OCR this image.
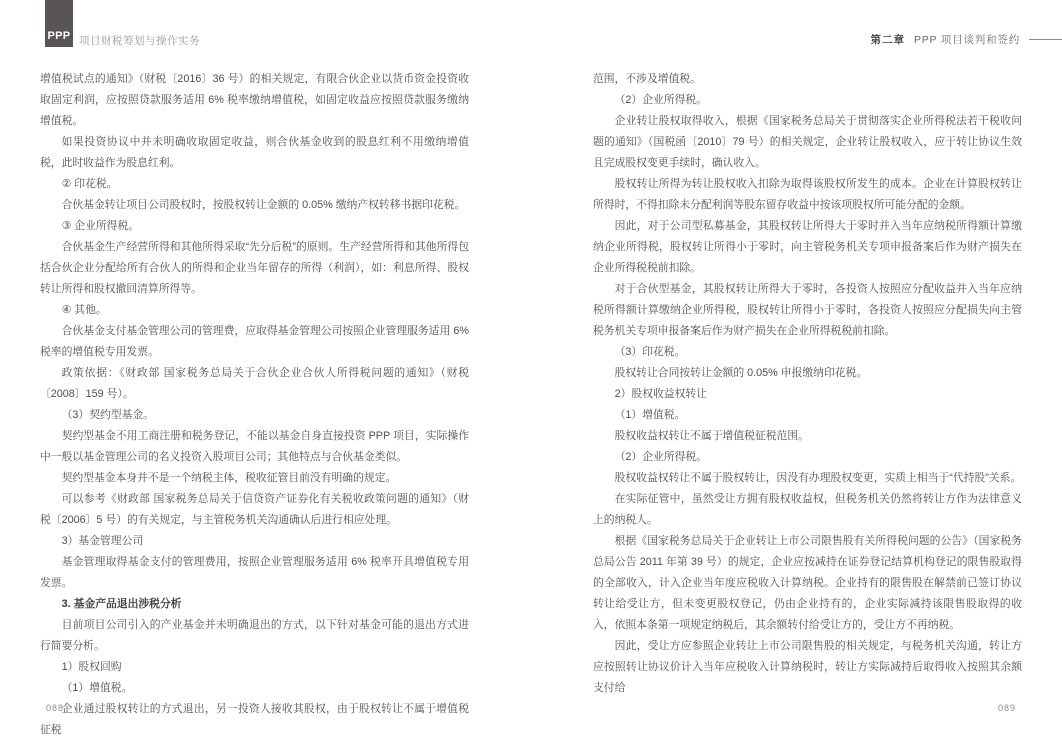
PPP 项目财税筹划与操作实务	第二章 PPP 项目谈判和签约

增值税试点的通知》（财税〔2016〕36 号）的相关规定，有限合伙企业以货币资金投资收取固定利润，应按照贷款服务适用 6% 税率缴纳增值税，如固定收益应按照贷款服务缴纳增值税。

如果投资协议中并未明确收取固定收益，则合伙基金收到的股息红利不用缴纳增值税，此时收益作为股息红利。

② 印花税。

合伙基金转让项目公司股权时，按股权转让金额的 0.05% 缴纳产权转移书据印花税。

③ 企业所得税。

合伙基金生产经营所得和其他所得采取“先分后税”的原则。生产经营所得和其他所得包括合伙企业分配给所有合伙人的所得和企业当年留存的所得（利润），如：利息所得、股权转让所得和股权撤回清算所得等。

④ 其他。

合伙基金支付基金管理公司的管理费，应取得基金管理公司按照企业管理服务适用 6% 税率的增值税专用发票。

政策依据：《财政部 国家税务总局关于合伙企业合伙人所得税问题的通知》（财税〔2008〕159 号）。

（3）契约型基金。

契约型基金不用工商注册和税务登记，不能以基金自身直接投资 PPP 项目，实际操作中一般以基金管理公司的名义投资入股项目公司；其他特点与合伙基金类似。

契约型基金本身并不是一个纳税主体，税收征管目前没有明确的规定。

可以参考《财政部 国家税务总局关于信贷资产证券化有关税收政策问题的通知》（财税〔2006〕5 号）的有关规定，与主管税务机关沟通确认后进行相应处理。

3）基金管理公司

基金管理取得基金支付的管理费用，按照企业管理服务适用 6% 税率开具增值税专用发票。

3. 基金产品退出涉税分析

目前项目公司引入的产业基金并未明确退出的方式，以下针对基金可能的退出方式进行简要分析。

1）股权回购

（1）增值税。

企业通过股权转让的方式退出，另一投资人接收其股权，由于股权转让不属于增值税征税

范围，不涉及增值税。

（2）企业所得税。

企业转让股权取得收入，根据《国家税务总局关于贯彻落实企业所得税法若干税收问题的通知》（国税函〔2010〕79 号）的相关规定，企业转让股权收入，应于转让协议生效且完成股权变更手续时，确认收入。

股权转让所得为转让股权收入扣除为取得该股权所发生的成本。企业在计算股权转让所得时，不得扣除未分配利润等股东留存收益中按该项股权所可能分配的金额。

因此，对于公司型私募基金，其股权转让所得大于零时并入当年应纳税所得额计算缴纳企业所得税，股权转让所得小于零时，向主管税务机关专项申报备案后作为财产损失在企业所得税税前扣除。

对于合伙型基金，其股权转让所得大于零时，各投资人按照应分配收益并入当年应纳税所得额计算缴纳企业所得税，股权转让所得小于零时，各投资人按照应分配损失向主管税务机关专项申报备案后作为财产损失在企业所得税税前扣除。

（3）印花税。

股权转让合同按转让金额的 0.05% 申报缴纳印花税。

2）股权收益权转让

（1）增值税。

股权收益权转让不属于增值税征税范围。

（2）企业所得税。

股权收益权转让不属于股权转让，因没有办理股权变更，实质上相当于“代持股”关系。

在实际征管中，虽然受让方拥有股权收益权，但税务机关仍然将转让方作为法律意义上的纳税人。

根据《国家税务总局关于企业转让上市公司限售股有关所得税问题的公告》（国家税务总局公告 2011 年第 39 号）的规定，企业应按减持在证券登记结算机构登记的限售股取得的全部收入，计入企业当年度应税收入计算纳税。企业持有的限售股在解禁前已签订协议转让给受让方，但未变更股权登记，仍由企业持有的，企业实际减持该限售股取得的收入，依照本条第一项规定纳税后，其余额转付给受让方的，受让方不再纳税。

因此，受让方应参照企业转让上市公司限售股的相关规定，与税务机关沟通，转让方应按照转让协议价计入当年应税收入计算纳税时，转让方实际减持后取得收入按照其余额支付给

088	089
